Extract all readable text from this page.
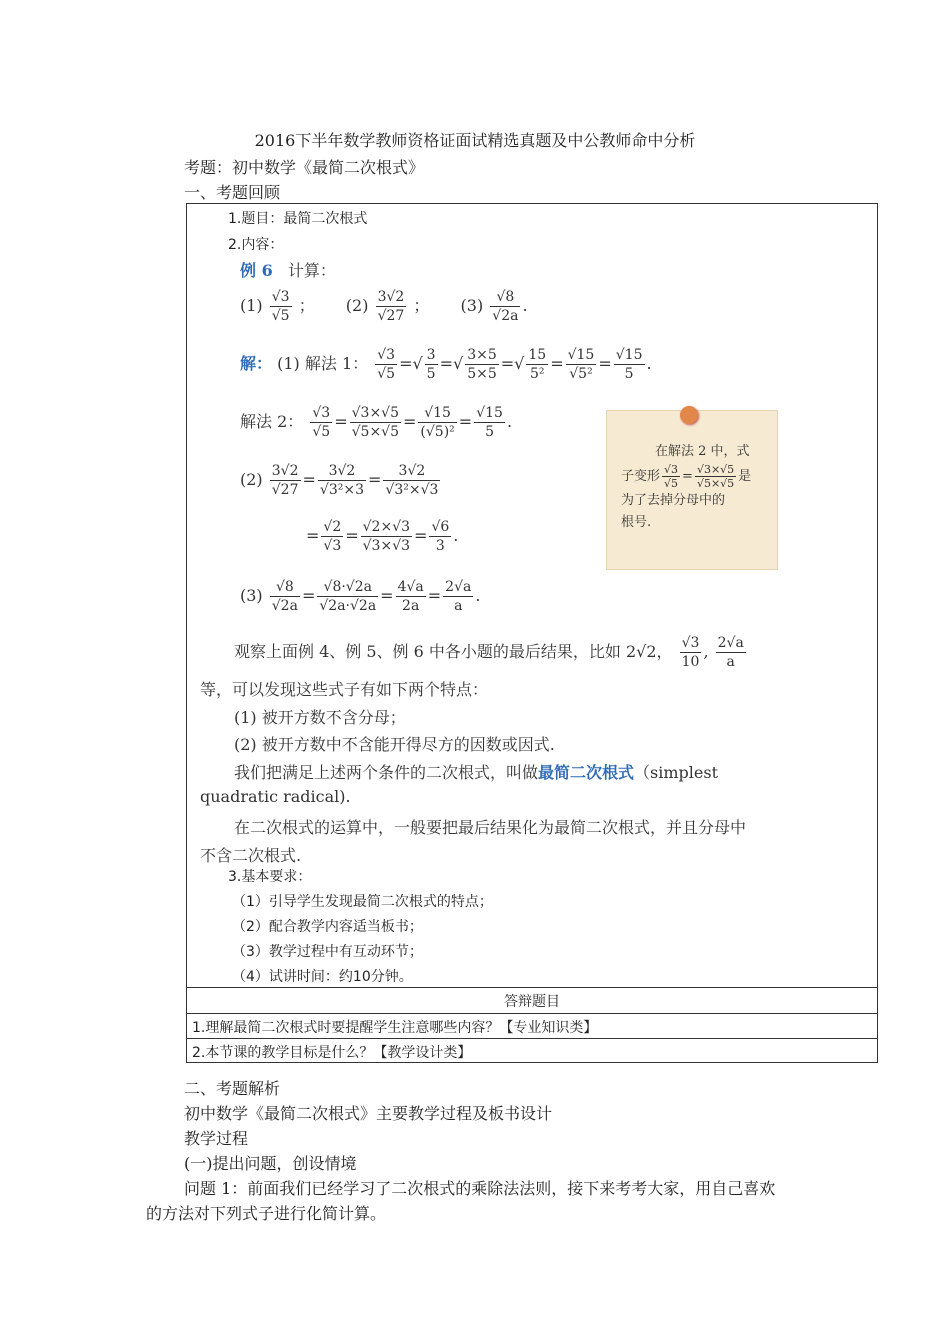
2016下半年数学教师资格证面试精选真题及中公教师命中分析
考题：初中数学《最简二次根式》
一、考题回顾
1.题目：最简二次根式
2.内容：
例 6 计算：
$(1) \frac{√3}{√5}$ ； $(2) \frac{3√2}{√27}$ ； $(3) \frac{√8}{√2a}$ .
解： (1) 解法 1： $\frac{√3}{√5}$ =√ $\frac{3}{5}$ =√ $\frac{3\times 5}{5\times 5}$ =√ $\frac{15}{\text{5²}} = \frac{√15}{\text{√5²}} = \frac{√15}{5}$ .
解法 2： $\frac{√3}{√5} = \frac{√3\times√5}{√5\times√5} = \frac{√15}{\text{(√5)²}} = \frac{√15}{5}$ .
$(2) \frac{3√2}{√27} = \frac{3√2}{\text{√3²×3}} = \frac{3√2}{\text{√3²×√3}}$
= $\frac{√2}{√3} = \frac{√2\times√3}{√3\times√3} = \frac{√6}{3}$ .
$(3) \frac{√8}{√2a} = \frac{√8\cdot√2a}{√2a\cdot√2a} = \frac{4√a}{2a} = \frac{2√a}{a}$ .
在解法 2 中，式
子变形 $\frac{√3}{√5} = \frac{√3\times√5}{√5\times√5}$ 是
为了去掉分母中的
根号.
观察上面例 4、例 5、例 6 中各小题的最后结果，比如 2√2， $\frac{√3}{10}$ , $\frac{2√a}{a}$
等，可以发现这些式子有如下两个特点：
(1) 被开方数不含分母；
(2) 被开方数中不含能开得尽方的因数或因式.
我们把满足上述两个条件的二次根式，叫做最简二次根式（simplest
quadratic radical).
在二次根式的运算中，一般要把最后结果化为最简二次根式，并且分母中
不含二次根式.
3.基本要求：
（1）引导学生发现最简二次根式的特点；
（2）配合教学内容适当板书；
（3）教学过程中有互动环节；
（4）试讲时间：约10分钟。
答辩题目
1.理解最简二次根式时要提醒学生注意哪些内容？【专业知识类】
2.本节课的教学目标是什么？【教学设计类】
二、考题解析
初中数学《最简二次根式》主要教学过程及板书设计
教学过程
(一)提出问题，创设情境
问题 1：前面我们已经学习了二次根式的乘除法法则，接下来考考大家，用自己喜欢
的方法对下列式子进行化简计算。
